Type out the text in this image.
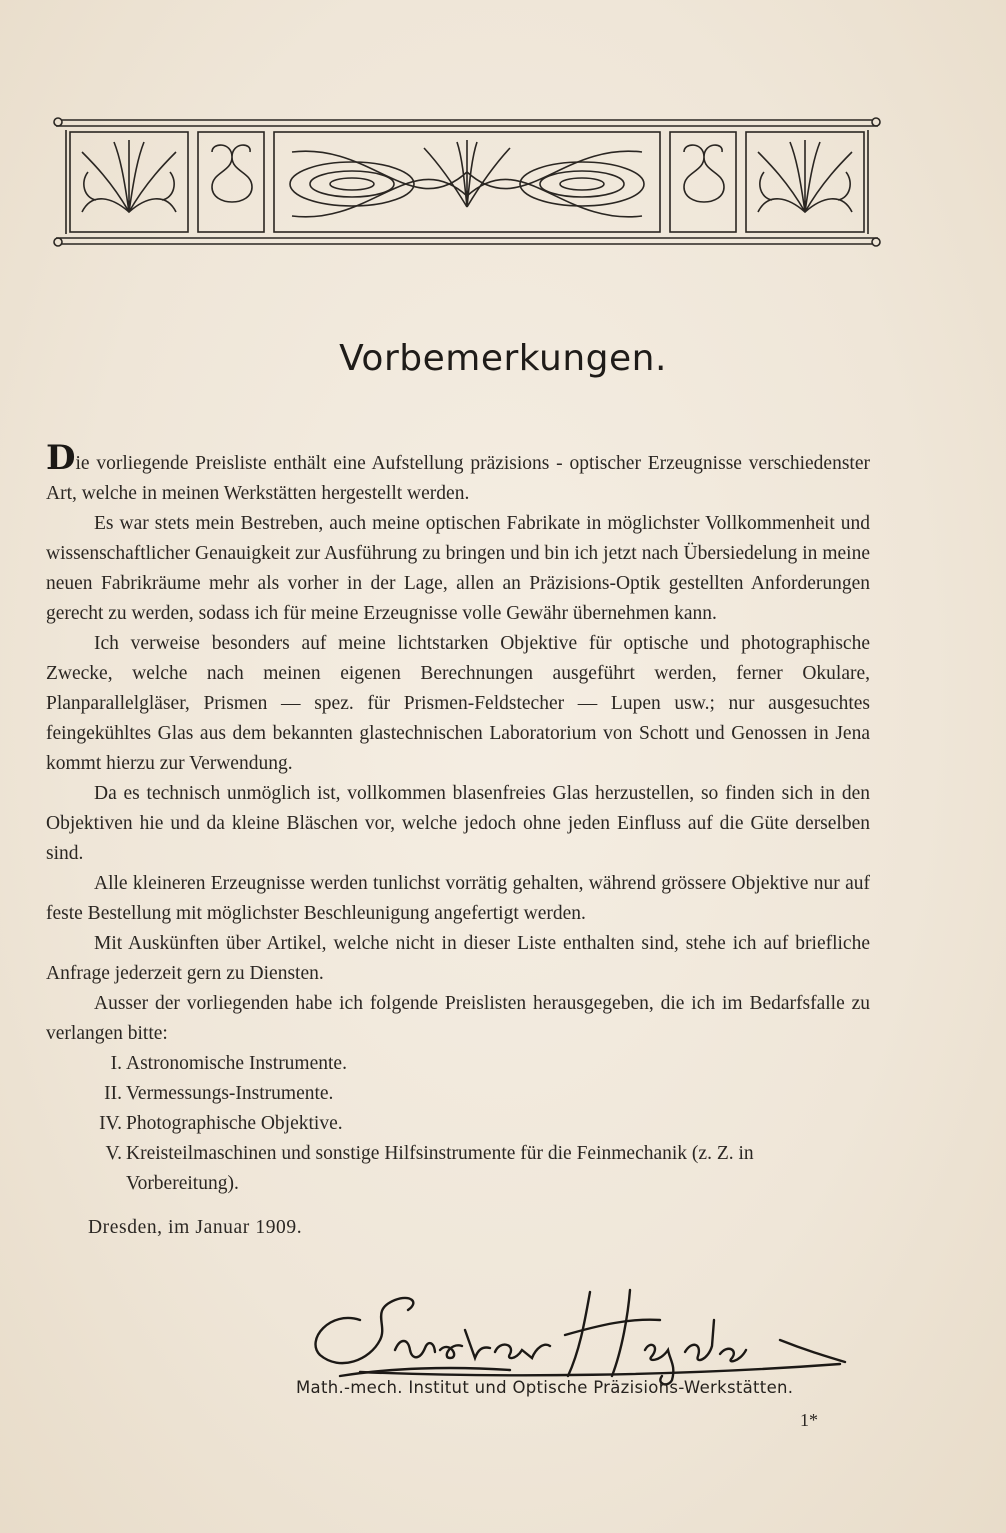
Vorbemerkungen.

Die vorliegende Preisliste enthält eine Aufstellung präzisions - optischer Erzeugnisse verschiedenster Art, welche in meinen Werkstätten hergestellt werden.

Es war stets mein Bestreben, auch meine optischen Fabrikate in möglichster Vollkommenheit und wissenschaftlicher Genauigkeit zur Ausführung zu bringen und bin ich jetzt nach Übersiedelung in meine neuen Fabrikräume mehr als vorher in der Lage, allen an Präzisions-Optik gestellten Anforderungen gerecht zu werden, sodass ich für meine Erzeugnisse volle Gewähr übernehmen kann.

Ich verweise besonders auf meine lichtstarken Objektive für optische und photographische Zwecke, welche nach meinen eigenen Berechnungen ausgeführt werden, ferner Okulare, Planparallelgläser, Prismen — spez. für Prismen-Feldstecher — Lupen usw.; nur ausgesuchtes feingekühltes Glas aus dem bekannten glastechnischen Laboratorium von Schott und Genossen in Jena kommt hierzu zur Verwendung.

Da es technisch unmöglich ist, vollkommen blasenfreies Glas herzustellen, so finden sich in den Objektiven hie und da kleine Bläschen vor, welche jedoch ohne jeden Einfluss auf die Güte derselben sind.

Alle kleineren Erzeugnisse werden tunlichst vorrätig gehalten, während grössere Objektive nur auf feste Bestellung mit möglichster Beschleunigung angefertigt werden.

Mit Auskünften über Artikel, welche nicht in dieser Liste enthalten sind, stehe ich auf briefliche Anfrage jederzeit gern zu Diensten.

Ausser der vorliegenden habe ich folgende Preislisten herausgegeben, die ich im Bedarfsfalle zu verlangen bitte:

I. Astronomische Instrumente.
II. Vermessungs-Instrumente.
IV. Photographische Objektive.
V. Kreisteilmaschinen und sonstige Hilfsinstrumente für die Feinmechanik (z. Z. in Vorbereitung).
Dresden, im Januar 1909.
Math.-mech. Institut und Optische Präzisions-Werkstätten.
1*
